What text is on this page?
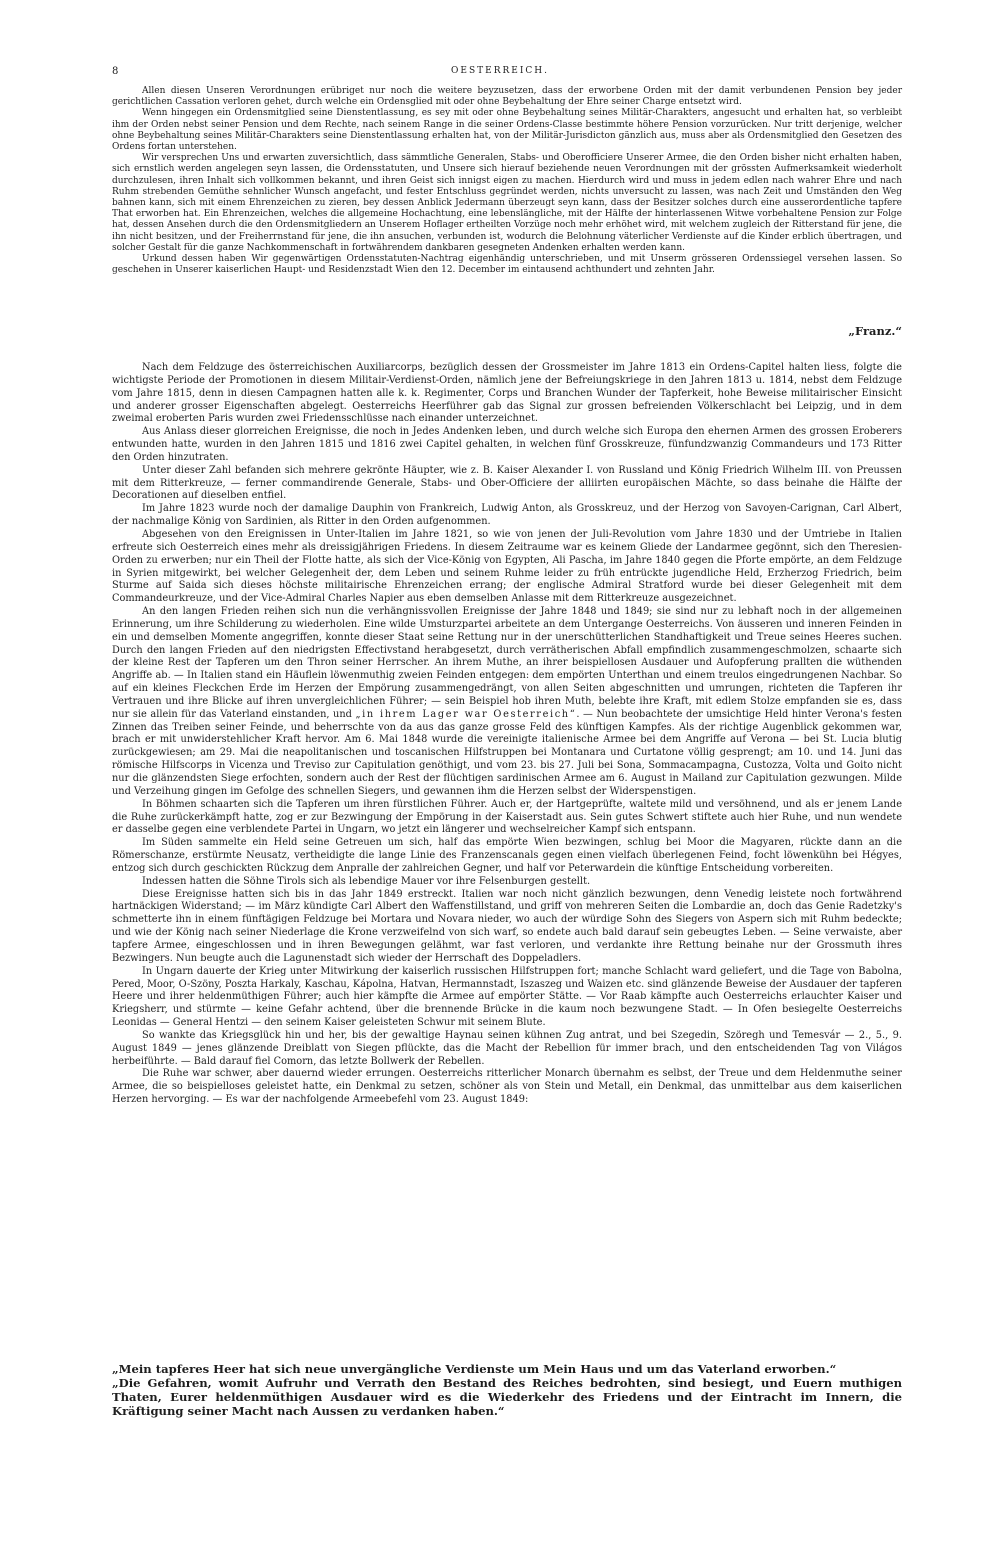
8	OESTERREICH.

Allen diesen Unseren Verordnungen erübriget nur noch die weitere beyzusetzen, dass der erworbene Orden mit der damit verbundenen Pension bey jeder gerichtlichen Cassation verloren gehet, durch welche ein Ordensglied mit oder ohne Beybehaltung der Ehre seiner Charge entsetzt wird.

Wenn hingegen ein Ordensmitglied seine Dienstentlassung, es sey mit oder ohne Beybehaltung seines Militär-Charakters, angesucht und erhalten hat, so verbleibt ihm der Orden nebst seiner Pension und dem Rechte, nach seinem Range in die seiner Ordens-Classe bestimmte höhere Pension vorzurücken. Nur tritt derjenige, welcher ohne Beybehaltung seines Militär-Charakters seine Dienstentlassung erhalten hat, von der Militär-Jurisdicton gänzlich aus, muss aber als Ordensmitglied den Gesetzen des Ordens fortan unterstehen.

Wir versprechen Uns und erwarten zuversichtlich, dass sämmtliche Generalen, Stabs- und Oberofficiere Unserer Armee, die den Orden bisher nicht erhalten haben, sich ernstlich werden angelegen seyn lassen, die Ordensstatuten, und Unsere sich hierauf beziehende neuen Verordnungen mit der grössten Aufmerksamkeit wiederholt durchzulesen, ihren Inhalt sich vollkommen bekannt, und ihren Geist sich innigst eigen zu machen. Hierdurch wird und muss in jedem edlen nach wahrer Ehre und nach Ruhm strebenden Gemüthe sehnlicher Wunsch angefacht, und fester Entschluss gegründet werden, nichts unversucht zu lassen, was nach Zeit und Umständen den Weg bahnen kann, sich mit einem Ehrenzeichen zu zieren, bey dessen Anblick Jedermann überzeugt seyn kann, dass der Besitzer solches durch eine ausserordentliche tapfere That erworben hat. Ein Ehrenzeichen, welches die allgemeine Hochachtung, eine lebenslängliche, mit der Hälfte der hinterlassenen Witwe vorbehaltene Pension zur Folge hat, dessen Ansehen durch die den Ordensmitgliedern an Unserem Hoflager ertheilten Vorzüge noch mehr erhöhet wird, mit welchem zugleich der Ritterstand für jene, die ihn nicht besitzen, und der Freiherrnstand für jene, die ihn ansuchen, verbunden ist, wodurch die Belohnung väterlicher Verdienste auf die Kinder erblich übertragen, und solcher Gestalt für die ganze Nachkommenschaft in fortwährendem dankbaren gesegneten Andenken erhalten werden kann.

Urkund dessen haben Wir gegenwärtigen Ordensstatuten-Nachtrag eigenhändig unterschrieben, und mit Unserm grösseren Ordenssiegel versehen lassen. So geschehen in Unserer kaiserlichen Haupt- und Residenzstadt Wien den 12. December im eintausend achthundert und zehnten Jahr.

„Franz.“

Nach dem Feldzuge des österreichischen Auxiliarcorps, bezüglich dessen der Grossmeister im Jahre 1813 ein Ordens-Capitel halten liess, folgte die wichtigste Periode der Promotionen in diesem Militair-Verdienst-Orden, nämlich jene der Befreiungskriege in den Jahren 1813 u. 1814, nebst dem Feldzuge vom Jahre 1815, denn in diesen Campagnen hatten alle k. k. Regimenter, Corps und Branchen Wunder der Tapferkeit, hohe Beweise militairischer Einsicht und anderer grosser Eigenschaften abgelegt. Oesterreichs Heerführer gab das Signal zur grossen befreienden Völkerschlacht bei Leipzig, und in dem zweimal eroberten Paris wurden zwei Friedensschlüsse nach einander unterzeichnet.

Aus Anlass dieser glorreichen Ereignisse, die noch in Jedes Andenken leben, und durch welche sich Europa den ehernen Armen des grossen Eroberers entwunden hatte, wurden in den Jahren 1815 und 1816 zwei Capitel gehalten, in welchen fünf Grosskreuze, fünfundzwanzig Commandeurs und 173 Ritter den Orden hinzutraten.

Unter dieser Zahl befanden sich mehrere gekrönte Häupter, wie z. B. Kaiser Alexander I. von Russland und König Friedrich Wilhelm III. von Preussen mit dem Ritterkreuze, — ferner commandirende Generale, Stabs- und Ober-Officiere der alliirten europäischen Mächte, so dass beinahe die Hälfte der Decorationen auf dieselben entfiel.

Im Jahre 1823 wurde noch der damalige Dauphin von Frankreich, Ludwig Anton, als Grosskreuz, und der Herzog von Savoyen-Carignan, Carl Albert, der nachmalige König von Sardinien, als Ritter in den Orden aufgenommen.

Abgesehen von den Ereignissen in Unter-Italien im Jahre 1821, so wie von jenen der Juli-Revolution vom Jahre 1830 und der Umtriebe in Italien erfreute sich Oesterreich eines mehr als dreissigjährigen Friedens. In diesem Zeitraume war es keinem Gliede der Landarmee gegönnt, sich den Theresien-Orden zu erwerben; nur ein Theil der Flotte hatte, als sich der Vice-König von Egypten, Ali Pascha, im Jahre 1840 gegen die Pforte empörte, an dem Feldzuge in Syrien mitgewirkt, bei welcher Gelegenheit der, dem Leben und seinem Ruhme leider zu früh entrückte jugendliche Held, Erzherzog Friedrich, beim Sturme auf Saida sich dieses höchste militairische Ehrenzeichen errang; der englische Admiral Stratford wurde bei dieser Gelegenheit mit dem Commandeurkreuze, und der Vice-Admiral Charles Napier aus eben demselben Anlasse mit dem Ritterkreuze ausgezeichnet.

An den langen Frieden reihen sich nun die verhängnissvollen Ereignisse der Jahre 1848 und 1849; sie sind nur zu lebhaft noch in der allgemeinen Erinnerung, um ihre Schilderung zu wiederholen. Eine wilde Umsturzpartei arbeitete an dem Untergange Oesterreichs. Von äusseren und inneren Feinden in ein und demselben Momente angegriffen, konnte dieser Staat seine Rettung nur in der unerschütterlichen Standhaftigkeit und Treue seines Heeres suchen. Durch den langen Frieden auf den niedrigsten Effectivstand herabgesetzt, durch verrätherischen Abfall empfindlich zusammengeschmolzen, schaarte sich der kleine Rest der Tapferen um den Thron seiner Herrscher. An ihrem Muthe, an ihrer beispiellosen Ausdauer und Aufopferung prallten die wüthenden Angriffe ab. — In Italien stand ein Häuflein löwenmuthig zweien Feinden entgegen: dem empörten Unterthan und einem treulos eingedrungenen Nachbar. So auf ein kleines Fleckchen Erde im Herzen der Empörung zusammengedrängt, von allen Seiten abgeschnitten und umrungen, richteten die Tapferen ihr Vertrauen und ihre Blicke auf ihren unvergleichlichen Führer; — sein Beispiel hob ihren Muth, belebte ihre Kraft, mit edlem Stolze empfanden sie es, dass nur sie allein für das Vaterland einstanden, und „in ihrem Lager war Oesterreich“. — Nun beobachtete der umsichtige Held hinter Verona's festen Zinnen das Treiben seiner Feinde, und beherrschte von da aus das ganze grosse Feld des künftigen Kampfes. Als der richtige Augenblick gekommen war, brach er mit unwiderstehlicher Kraft hervor. Am 6. Mai 1848 wurde die vereinigte italienische Armee bei dem Angriffe auf Verona — bei St. Lucia blutig zurückgewiesen; am 29. Mai die neapolitanischen und toscanischen Hilfstruppen bei Montanara und Curtatone völlig gesprengt; am 10. und 14. Juni das römische Hilfscorps in Vicenza und Treviso zur Capitulation genöthigt, und vom 23. bis 27. Juli bei Sona, Sommacampagna, Custozza, Volta und Goito nicht nur die glänzendsten Siege erfochten, sondern auch der Rest der flüchtigen sardinischen Armee am 6. August in Mailand zur Capitulation gezwungen. Milde und Verzeihung gingen im Gefolge des schnellen Siegers, und gewannen ihm die Herzen selbst der Widerspenstigen.

In Böhmen schaarten sich die Tapferen um ihren fürstlichen Führer. Auch er, der Hartgeprüfte, waltete mild und versöhnend, und als er jenem Lande die Ruhe zurückerkämpft hatte, zog er zur Bezwingung der Empörung in der Kaiserstadt aus. Sein gutes Schwert stiftete auch hier Ruhe, und nun wendete er dasselbe gegen eine verblendete Partei in Ungarn, wo jetzt ein längerer und wechselreicher Kampf sich entspann.

Im Süden sammelte ein Held seine Getreuen um sich, half das empörte Wien bezwingen, schlug bei Moor die Magyaren, rückte dann an die Römerschanze, erstürmte Neusatz, vertheidigte die lange Linie des Franzenscanals gegen einen vielfach überlegenen Feind, focht löwenkühn bei Hégyes, entzog sich durch geschickten Rückzug dem Anpralle der zahlreichen Gegner, und half vor Peterwardein die künftige Entscheidung vorbereiten.

Indessen hatten die Söhne Tirols sich als lebendige Mauer vor ihre Felsenburgen gestellt.

Diese Ereignisse hatten sich bis in das Jahr 1849 erstreckt. Italien war noch nicht gänzlich bezwungen, denn Venedig leistete noch fortwährend hartnäckigen Widerstand; — im März kündigte Carl Albert den Waffenstillstand, und griff von mehreren Seiten die Lombardie an, doch das Genie Radetzky's schmetterte ihn in einem fünftägigen Feldzuge bei Mortara und Novara nieder, wo auch der würdige Sohn des Siegers von Aspern sich mit Ruhm bedeckte; und wie der König nach seiner Niederlage die Krone verzweifelnd von sich warf, so endete auch bald darauf sein gebeugtes Leben. — Seine verwaiste, aber tapfere Armee, eingeschlossen und in ihren Bewegungen gelähmt, war fast verloren, und verdankte ihre Rettung beinahe nur der Grossmuth ihres Bezwingers. Nun beugte auch die Lagunenstadt sich wieder der Herrschaft des Doppeladlers.

In Ungarn dauerte der Krieg unter Mitwirkung der kaiserlich russischen Hilfstruppen fort; manche Schlacht ward geliefert, und die Tage von Babolna, Pered, Moor, O-Szöny, Poszta Harkaly, Kaschau, Kápolna, Hatvan, Hermannstadt, Iszaszeg und Waizen etc. sind glänzende Beweise der Ausdauer der tapferen Heere und ihrer heldenmüthigen Führer; auch hier kämpfte die Armee auf empörter Stätte. — Vor Raab kämpfte auch Oesterreichs erlauchter Kaiser und Kriegsherr, und stürmte — keine Gefahr achtend, über die brennende Brücke in die kaum noch bezwungene Stadt. — In Ofen besiegelte Oesterreichs Leonidas — General Hentzi — den seinem Kaiser geleisteten Schwur mit seinem Blute.

So wankte das Kriegsglück hin und her, bis der gewaltige Haynau seinen kühnen Zug antrat, und bei Szegedin, Szöregh und Temesvár — 2., 5., 9. August 1849 — jenes glänzende Dreiblatt von Siegen pflückte, das die Macht der Rebellion für immer brach, und den entscheidenden Tag von Világos herbeiführte. — Bald darauf fiel Comorn, das letzte Bollwerk der Rebellen.

Die Ruhe war schwer, aber dauernd wieder errungen. Oesterreichs ritterlicher Monarch übernahm es selbst, der Treue und dem Heldenmuthe seiner Armee, die so beispielloses geleistet hatte, ein Denkmal zu setzen, schöner als von Stein und Metall, ein Denkmal, das unmittelbar aus dem kaiserlichen Herzen hervorging. — Es war der nachfolgende Armeebefehl vom 23. August 1849:

„Mein tapferes Heer hat sich neue unvergängliche Verdienste um Mein Haus und um das Vaterland erworben.“

„Die Gefahren, womit Aufruhr und Verrath den Bestand des Reiches bedrohten, sind besiegt, und Euern muthigen Thaten, Eurer heldenmüthigen Ausdauer wird es die Wiederkehr des Friedens und der Eintracht im Innern, die Kräftigung seiner Macht nach Aussen zu verdanken haben.“
